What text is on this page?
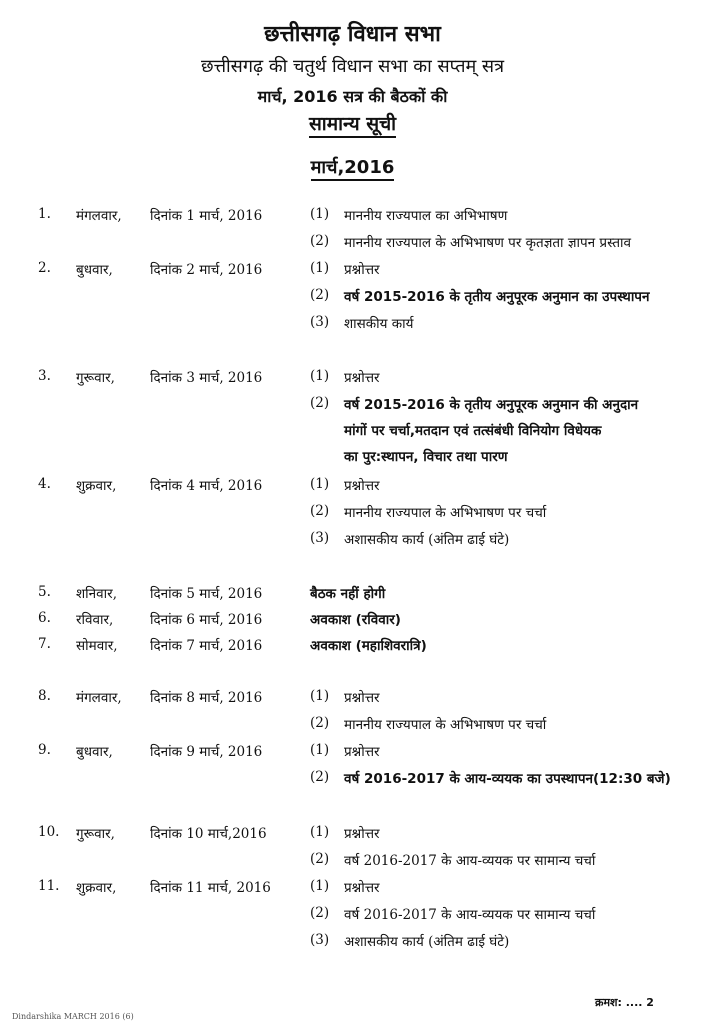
छत्तीसगढ़ विधान सभा
छत्तीसगढ़ की चतुर्थ विधान सभा का सप्तम् सत्र
मार्च, 2016 सत्र की बैठकों की
सामान्य सूची
मार्च,2016
1. मंगलवार, दिनांक 1 मार्च, 2016	(1) माननीय राज्यपाल का अभिभाषण
(2) माननीय राज्यपाल के अभिभाषण पर कृतज्ञता ज्ञापन प्रस्ताव
2. बुधवार,	दिनांक 2 मार्च, 2016	(1) प्रश्नोत्तर
(2) वर्ष 2015-2016 के तृतीय अनुपूरक अनुमान का उपस्थापन
(3) शासकीय कार्य
3. गुरूवार,	दिनांक 3 मार्च, 2016	(1) प्रश्नोत्तर
(2) वर्ष 2015-2016 के तृतीय अनुपूरक अनुमान की अनुदान
मांगों पर चर्चा,मतदान एवं तत्संबंधी विनियोग विधेयक
का पुर:स्थापन, विचार तथा पारण
4. शुक्रवार, दिनांक 4 मार्च, 2016	(1) प्रश्नोत्तर
(2) माननीय राज्यपाल के अभिभाषण पर चर्चा
(3) अशासकीय कार्य (अंतिम ढाई घंटे)
5. शनिवार, दिनांक 5 मार्च, 2016	बैठक नहीं होगी
6. रविवार,	दिनांक 6 मार्च, 2016	अवकाश (रविवार)
7. सोमवार, दिनांक 7 मार्च, 2016	अवकाश (महाशिवरात्रि)
8. मंगलवार, दिनांक 8 मार्च, 2016	(1) प्रश्नोत्तर
(2) माननीय राज्यपाल के अभिभाषण पर चर्चा
9. बुधवार,	दिनांक 9 मार्च, 2016	(1) प्रश्नोत्तर
(2) वर्ष 2016-2017 के आय-व्ययक का उपस्थापन(12:30 बजे)
10. गुरूवार,	दिनांक 10 मार्च,2016	(1) प्रश्नोत्तर
(2) वर्ष 2016-2017 के आय-व्ययक पर सामान्य चर्चा
11. शुक्रवार, दिनांक 11 मार्च, 2016	(1) प्रश्नोत्तर
(2) वर्ष 2016-2017 के आय-व्ययक पर सामान्य चर्चा
(3) अशासकीय कार्य (अंतिम ढाई घंटे)
Dindarshika MARCH 2016 (6)
क्रमश: .... 2
